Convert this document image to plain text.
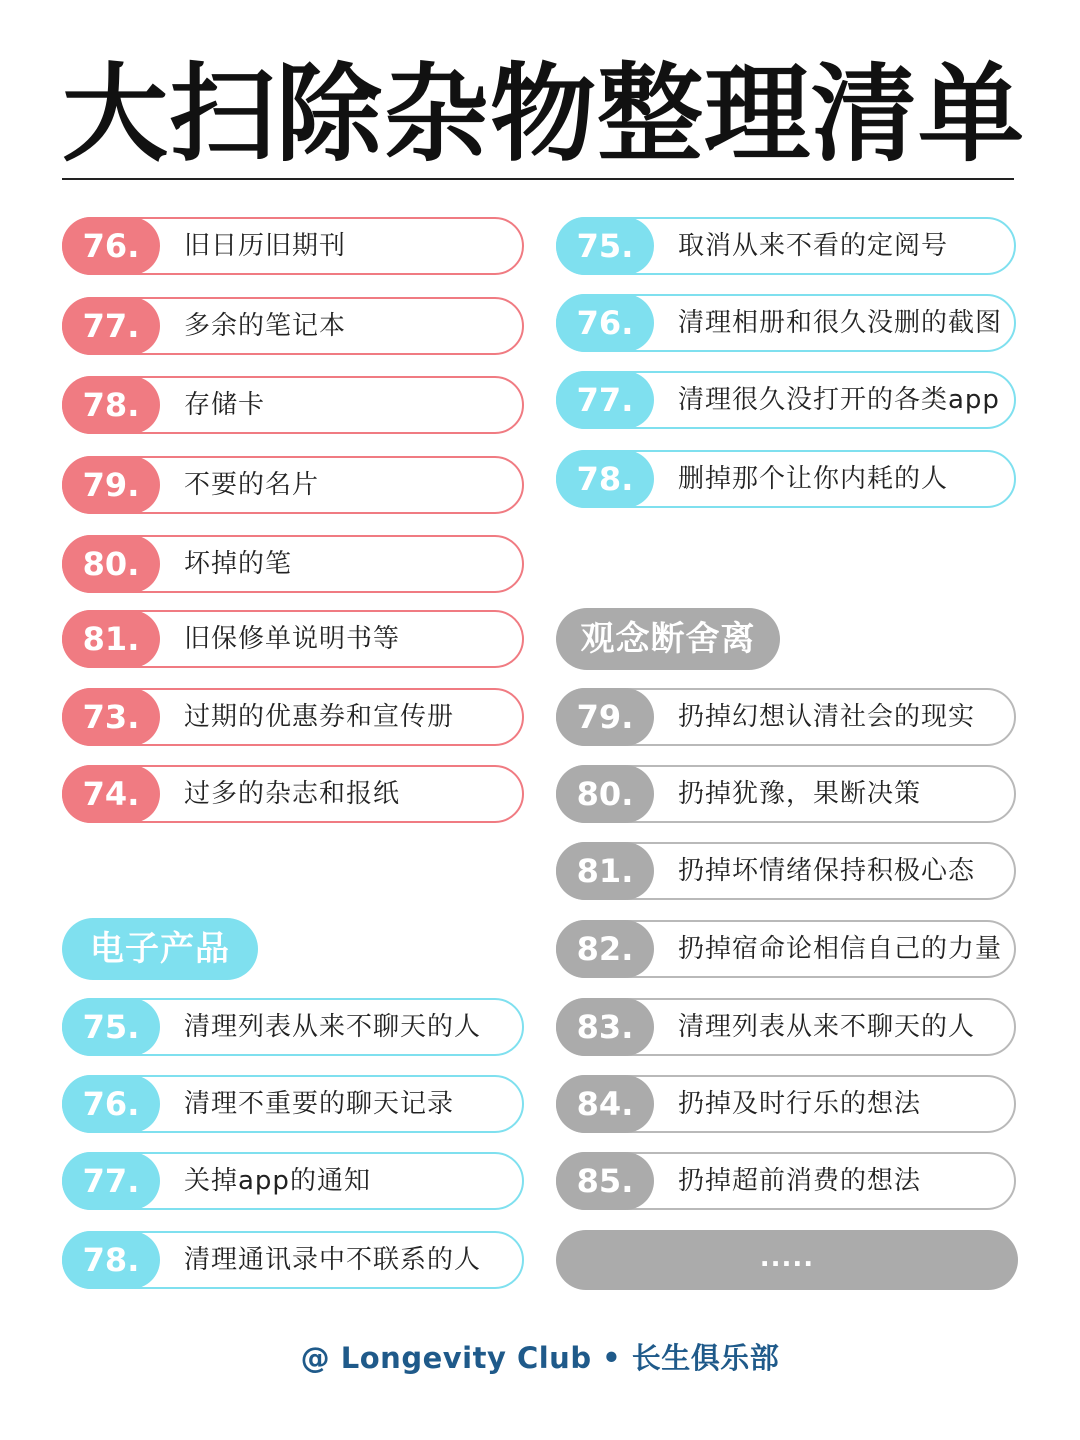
大扫除杂物整理清单
76.	旧日历旧期刊
77.	多余的笔记本
78.	存储卡
79.	不要的名片
80.	坏掉的笔
81.	旧保修单说明书等
73.	过期的优惠券和宣传册
74.	过多的杂志和报纸
75.	取消从来不看的定阅号
76.	清理相册和很久没删的截图
77.	清理很久没打开的各类app
78.	删掉那个让你内耗的人
观念断舍离
79.	扔掉幻想认清社会的现实
80.	扔掉犹豫，果断决策
81.	扔掉坏情绪保持积极心态
82.	扔掉宿命论相信自己的力量
83.	清理列表从来不聊天的人
84.	扔掉及时行乐的想法
85.	扔掉超前消费的想法
.....
电子产品
75.	清理列表从来不聊天的人
76.	清理不重要的聊天记录
77.	关掉app的通知
78.	清理通讯录中不联系的人
@ Longevity Club • 长生俱乐部
